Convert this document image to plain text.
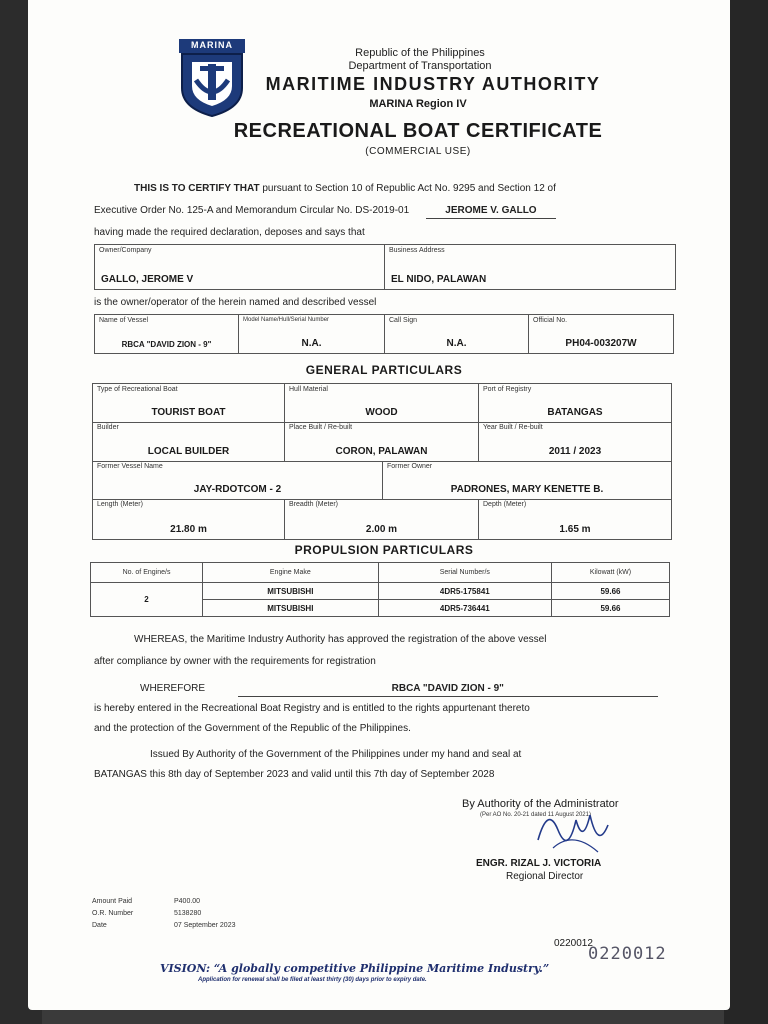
MARINA
Republic of the Philippines
Department of Transportation
MARITIME INDUSTRY AUTHORITY
MARINA Region IV
RECREATIONAL BOAT CERTIFICATE
(COMMERCIAL USE)
THIS IS TO CERTIFY THAT pursuant to Section 10 of Republic Act No. 9295 and Section 12 of
Executive Order No. 125-A and Memorandum Circular No. DS-2019-01	JEROME V. GALLO
having made the required declaration, deposes and says that
Owner/Company
GALLO, JEROME V
Business Address
EL NIDO, PALAWAN
is the owner/operator of the herein named and described vessel
Name of Vessel
RBCA "DAVID ZION - 9"
Model Name/Hull/Serial Number
N.A.
Call Sign
N.A.
Official No.
PH04-003207W
GENERAL PARTICULARS
Type of Recreational Boat
TOURIST BOAT
Hull Material
WOOD
Port of Registry
BATANGAS
Builder
LOCAL BUILDER
Place Built / Re-built
CORON, PALAWAN
Year Built / Re-built
2011 / 2023
Former Vessel Name
JAY-RDOTCOM - 2
Former Owner
PADRONES, MARY KENETTE B.
Length (Meter)
21.80 m
Breadth (Meter)
2.00 m
Depth (Meter)
1.65 m
PROPULSION PARTICULARS
No. of Engine/s	Engine Make	Serial Number/s	Kilowatt (kW)
2	MITSUBISHI	4DR5-175841	59.66
	MITSUBISHI	4DR5-736441	59.66
WHEREAS, the Maritime Industry Authority has approved the registration of the above vessel
after compliance by owner with the requirements for registration
WHEREFORE	RBCA "DAVID ZION - 9"
is hereby entered in the Recreational Boat Registry and is entitled to the rights appurtenant thereto
and the protection of the Government of the Republic of the Philippines.
Issued By Authority of the Government of the Philippines under my hand and seal at
BATANGAS this 8th day of September 2023 and valid until this 7th day of September 2028
By Authority of the Administrator
(Per AO No. 20-21 dated 11 August 2021)
ENGR. RIZAL J. VICTORIA
Regional Director
Amount Paid	P400.00
O.R. Number	5138280
Date	07 September 2023
0220012
0220012
VISION: “A globally competitive Philippine Maritime Industry.”
Application for renewal shall be filed at least thirty (30) days prior to expiry date.
